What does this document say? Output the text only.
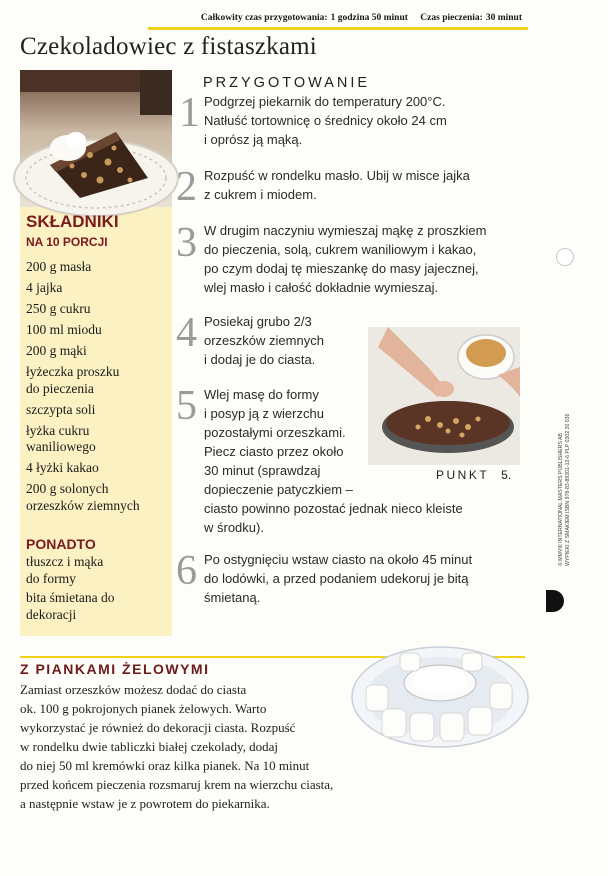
Całkowity czas przygotowania: 1 godzina 50 minut Czas pieczenia: 30 minut
Czekoladowiec z fistaszkami
SKŁADNIKI
NA 10 PORCJI
200 g masła
4 jajka
250 g cukru
100 ml miodu
200 g mąki
łyżeczka proszku do pieczenia
szczypta soli
łyżka cukru waniliowego
4 łyżki kakao
200 g solonych orzeszków ziemnych
PONADTO
tłuszcz i mąka do formy
bita śmietana do dekoracji
PRZYGOTOWANIE
1 Podgrzej piekarnik do temperatury 200°C.
Natłuść tortownicę o średnicy około 24 cm
i oprósz ją mąką.
2 Rozpuść w rondelku masło. Ubij w misce jajka
z cukrem i miodem.
3 W drugim naczyniu wymieszaj mąkę z proszkiem
do pieczenia, solą, cukrem waniliowym i kakao,
po czym dodaj tę mieszankę do masy jajecznej,
wlej masło i całość dokładnie wymieszaj.
4 Posiekaj grubo 2/3
orzeszków ziemnych
i dodaj je do ciasta.
5 Wlej masę do formy
i posyp ją z wierzchu
pozostałymi orzeszkami.
Piecz ciasto przez około
30 minut (sprawdzaj
dopieczenie patyczkiem –
ciasto powinno pozostać jednak nieco kleiste
w środku).
6 Po ostygnięciu wstaw ciasto na około 45 minut
do lodówki, a przed podaniem udekoruj je bitą
śmietaną.
PUNKT 5.	© MMVIII INTERNATIONAL MASTERS PUBLISHERS AB WYPIEKI Z SMAKIEM ISBN 978-83-89201-12-6 PLP 0302 20 036
Z PIANKAMI ŻELOWYMI
Zamiast orzeszków możesz dodać do ciasta
ok. 100 g pokrojonych pianek żelowych. Warto
wykorzystać je również do dekoracji ciasta. Rozpuść
w rondelku dwie tabliczki białej czekolady, dodaj
do niej 50 ml kremówki oraz kilka pianek. Na 10 minut
przed końcem pieczenia rozsmaruj krem na wierzchu ciasta,
a następnie wstaw je z powrotem do piekarnika.
